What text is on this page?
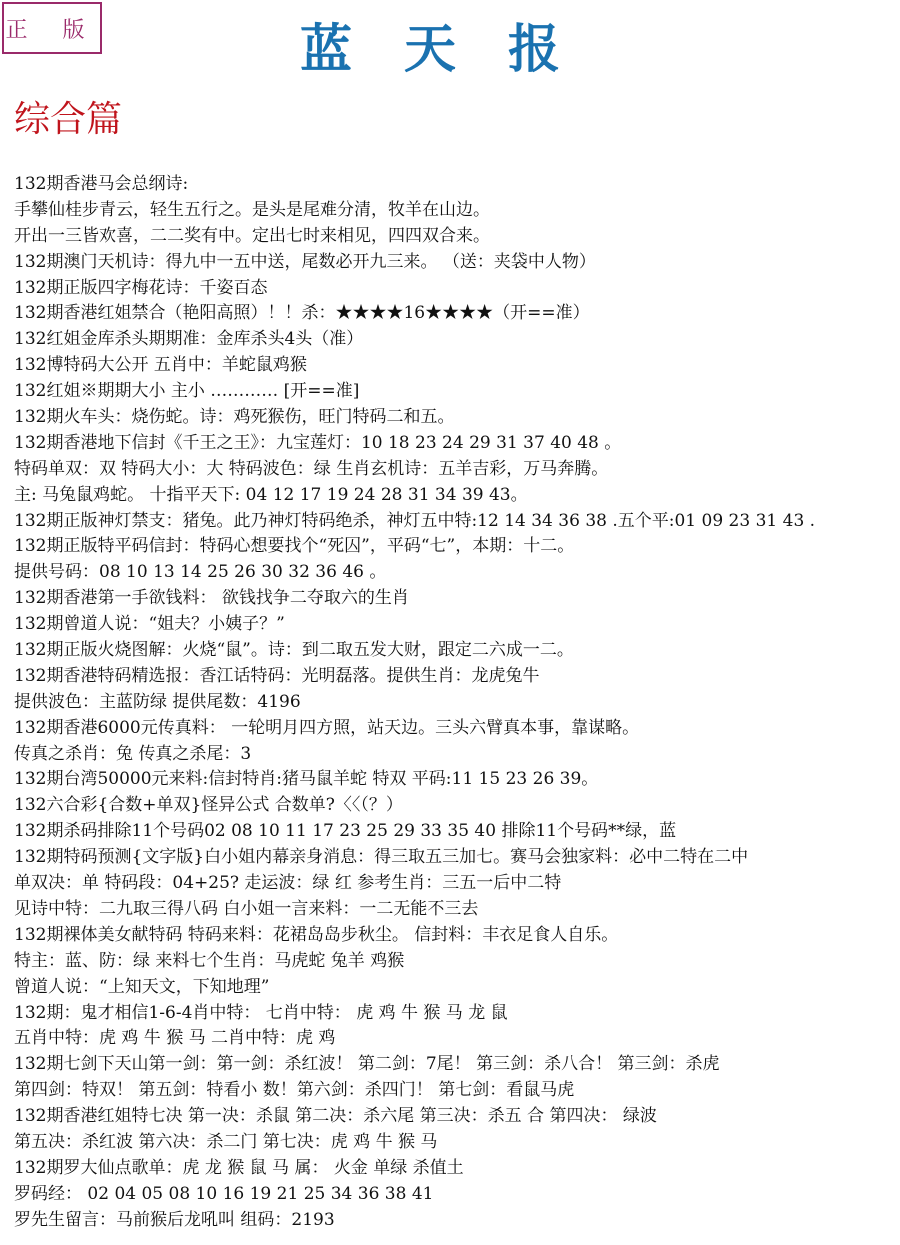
正 版	蓝天报
综合篇
132期香港马会总纲诗:
手攀仙桂步青云，轻生五行之。是头是尾难分清，牧羊在山边。
开出一三皆欢喜，二二奖有中。定出七时来相见，四四双合来。
132期澳门天机诗：得九中一五中送，尾数必开九三来。 （送：夹袋中人物）
132期正版四字梅花诗：千姿百态
132期香港红姐禁合（艳阳高照）！！杀：★★★★16★★★★（开==准）
132红姐金库杀头期期准：金库杀头4头（准）
132博特码大公开 五肖中：羊蛇鼠鸡猴
132红姐※期期大小 主小 ………… [开==准]
132期火车头：烧伤蛇。诗：鸡死猴伤，旺门特码二和五。
132期香港地下信封《千王之王》：九宝莲灯：10 18 23 24 29 31 37 40 48 。
特码单双：双 特码大小：大 特码波色：绿 生肖玄机诗：五羊吉彩，万马奔腾。
主: 马兔鼠鸡蛇。 十指平天下: 04 12 17 19 24 28 31 34 39 43。
132期正版神灯禁支：猪兔。此乃神灯特码绝杀，神灯五中特:12 14 34 36 38 .五个平:01 09 23 31 43 .
132期正版特平码信封：特码心想要找个“死囚”，平码“七”，本期：十二。
提供号码：08 10 13 14 25 26 30 32 36 46 。
132期香港第一手欲钱料： 欲钱找争二夺取六的生肖
132期曾道人说：“姐夫？小姨子？”
132期正版火烧图解：火烧“鼠”。诗：到二取五发大财，跟定二六成一二。
132期香港特码精选报：香江话特码：光明磊落。提供生肖：龙虎兔牛
提供波色：主蓝防绿 提供尾数：4196
132期香港6000元传真料： 一轮明月四方照，站天边。三头六臂真本事，靠谋略。
传真之杀肖：兔 传真之杀尾：3
132期台湾50000元来料:信封特肖:猪马鼠羊蛇 特双 平码:11 15 23 26 39。
132六合彩{合数+单双}怪异公式 合数单?〈〈（？）
132期杀码排除11个号码02 08 10 11 17 23 25 29 33 35 40 排除11个号码**绿，蓝
132期特码预测{文字版}白小姐内幕亲身消息：得三取五三加七。赛马会独家料：必中二特在二中
单双决：单 特码段：04+25? 走运波：绿 红 参考生肖：三五一后中二特
见诗中特：二九取三得八码 白小姐一言来料：一二无能不三去
132期裸体美女献特码 特码来料：花裙岛岛步秋尘。 信封料：丰衣足食人自乐。
特主：蓝、防：绿 来料七个生肖：马虎蛇 兔羊 鸡猴
曾道人说：“上知天文，下知地理”
132期：鬼才相信1-6-4肖中特： 七肖中特： 虎 鸡 牛 猴 马 龙 鼠
五肖中特：虎 鸡 牛 猴 马 二肖中特：虎 鸡
132期七剑下天山第一剑：第一剑：杀红波！ 第二剑：7尾！ 第三剑：杀八合！ 第三剑：杀虎
第四剑：特双！ 第五剑：特看小 数！第六剑：杀四门！ 第七剑：看鼠马虎
132期香港红姐特七决 第一决：杀鼠 第二决：杀六尾 第三决：杀五 合 第四决： 绿波
第五决：杀红波 第六决：杀二门 第七决：虎 鸡 牛 猴 马
132期罗大仙点歌单：虎 龙 猴 鼠 马 属： 火金 单绿 杀值土
罗码经： 02 04 05 08 10 16 19 21 25 34 36 38 41
罗先生留言：马前猴后龙吼叫 组码：2193
